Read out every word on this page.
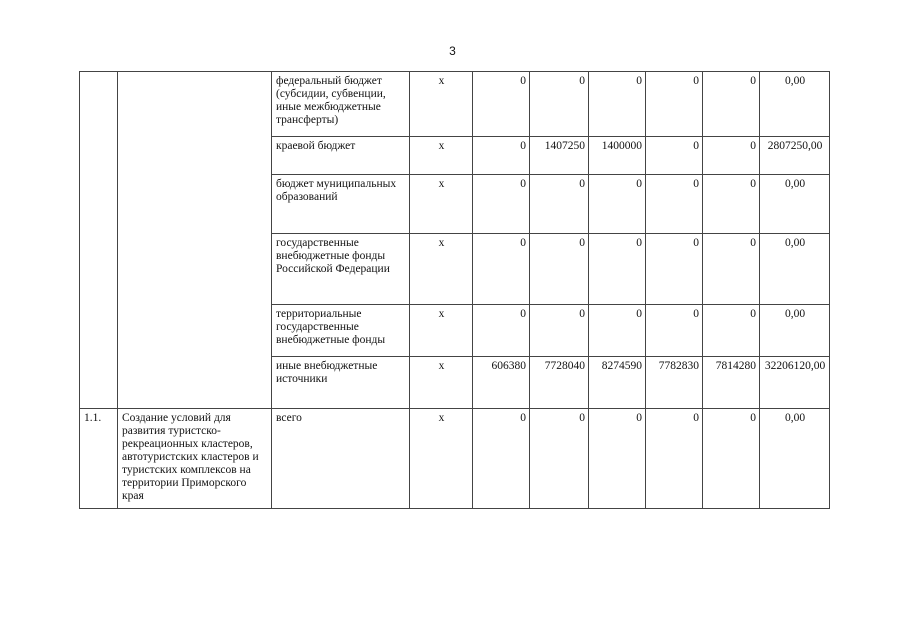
3

		федеральный бюджет (субсидии, субвенции, иные межбюджетные трансферты)	х	0	0	0	0	0	0,00

		краевой бюджет	х	0	1407250	1400000	0	0	2807250,00

		бюджет муниципальных образований	х	0	0	0	0	0	0,00

		государственные внебюджетные фонды Российской Федерации	х	0	0	0	0	0	0,00

		территориальные государственные внебюджетные фонды	х	0	0	0	0	0	0,00

		иные внебюджетные источники	х	606380	7728040	8274590	7782830	7814280	32206120,00

1.1.	Создание условий для развития туристско-рекреационных кластеров, автотуристских кластеров и туристских комплексов на территории Приморского края	всего	х	0	0	0	0	0	0,00
